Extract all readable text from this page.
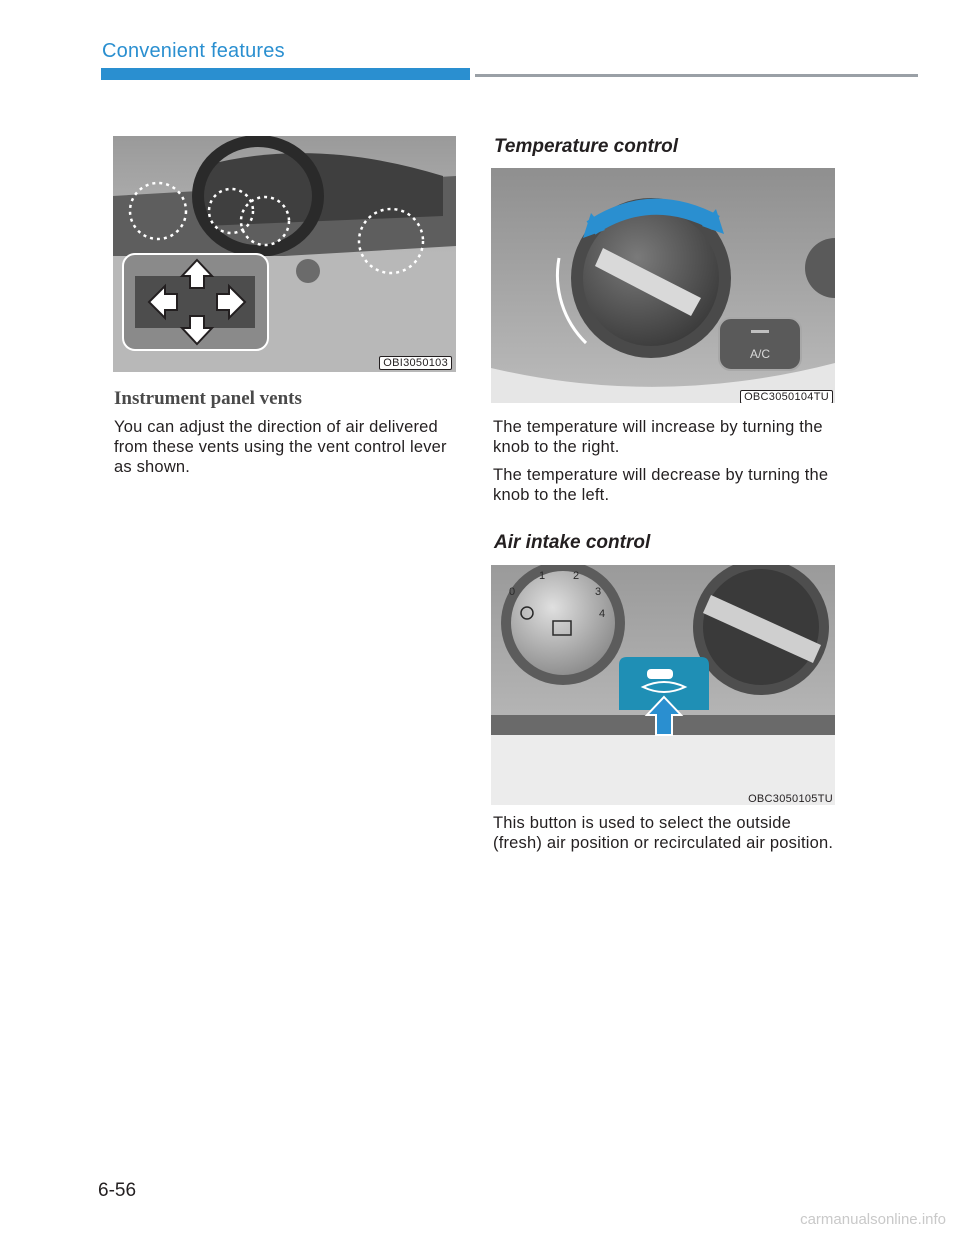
Convenient features
OBI3050103
Instrument panel vents

You can adjust the direction of air delivered from these vents using the vent control lever as shown.

Temperature control
A/C
OBC3050104TU

The temperature will increase by turning the knob to the right.

The temperature will decrease by turning the knob to the left.

Air intake control
0
1	2
3
4
OBC3050105TU

This button is used to select the outside (fresh) air position or recirculated air position.

6-56
carmanualsonline.info
